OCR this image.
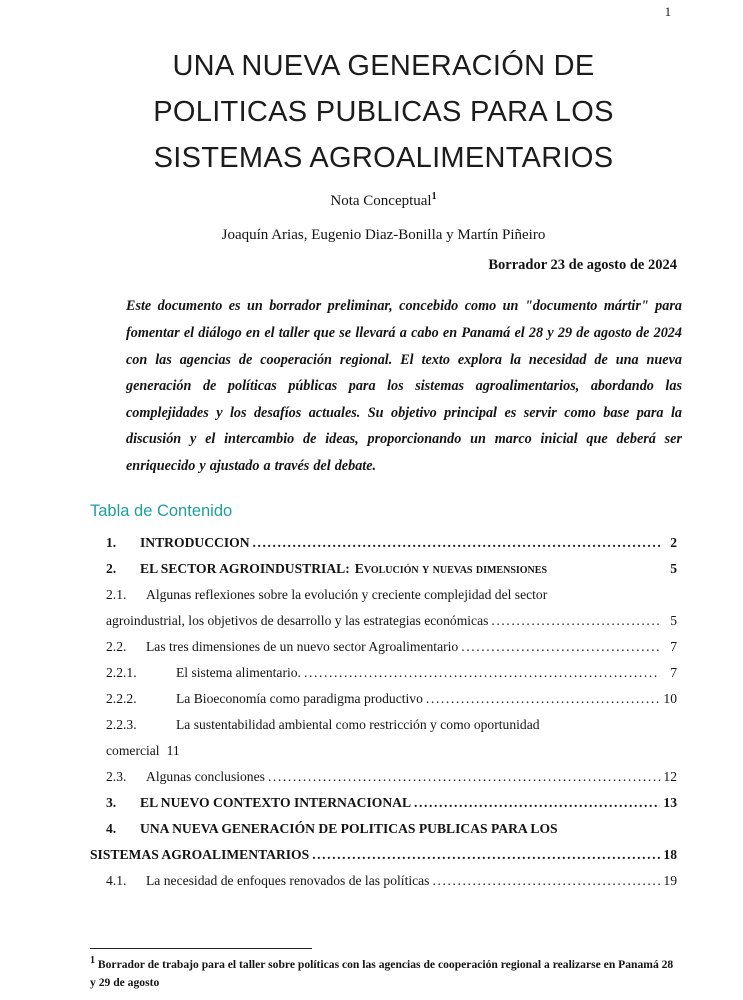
1
UNA NUEVA GENERACIÓN DE
POLITICAS PUBLICAS PARA LOS
SISTEMAS AGROALIMENTARIOS
Nota Conceptual$^1$
Joaquín Arias, Eugenio Diaz-Bonilla y Martín Piñeiro
Borrador 23 de agosto de 2024
Este documento es un borrador preliminar, concebido como un "documento mártir" para fomentar el diálogo en el taller que se llevará a cabo en Panamá el 28 y 29 de agosto de 2024 con las agencias de cooperación regional. El texto explora la necesidad de una nueva generación de políticas públicas para los sistemas agroalimentarios, abordando las complejidades y los desafíos actuales. Su objetivo principal es servir como base para la discusión y el intercambio de ideas, proporcionando un marco inicial que deberá ser enriquecido y ajustado a través del debate.
Tabla de Contenido
1.	INTRODUCCION .....	2
2.	EL SECTOR AGROINDUSTRIAL: Evolución y nuevas dimensiones	5
2.1.	Algunas reflexiones sobre la evolución y creciente complejidad del sector
agroindustrial, los objetivos de desarrollo y las estrategias económicas .....	5
2.2.	Las tres dimensiones de un nuevo sector Agroalimentario .....	7
2.2.1.	El sistema alimentario. .....	7
2.2.2.	La Bioeconomía como paradigma productivo .....	10
2.2.3.	La sustentabilidad ambiental como restricción y como oportunidad
comercial 11
2.3.	Algunas conclusiones .....	12
3.	EL NUEVO CONTEXTO INTERNACIONAL .....	13
4.	UNA NUEVA GENERACIÓN DE POLITICAS PUBLICAS PARA LOS
SISTEMAS AGROALIMENTARIOS .....	18
4.1.	La necesidad de enfoques renovados de las políticas .....	19
$^1$ Borrador de trabajo para el taller sobre políticas con las agencias de cooperación regional a realizarse en Panamá 28 y 29 de agosto
